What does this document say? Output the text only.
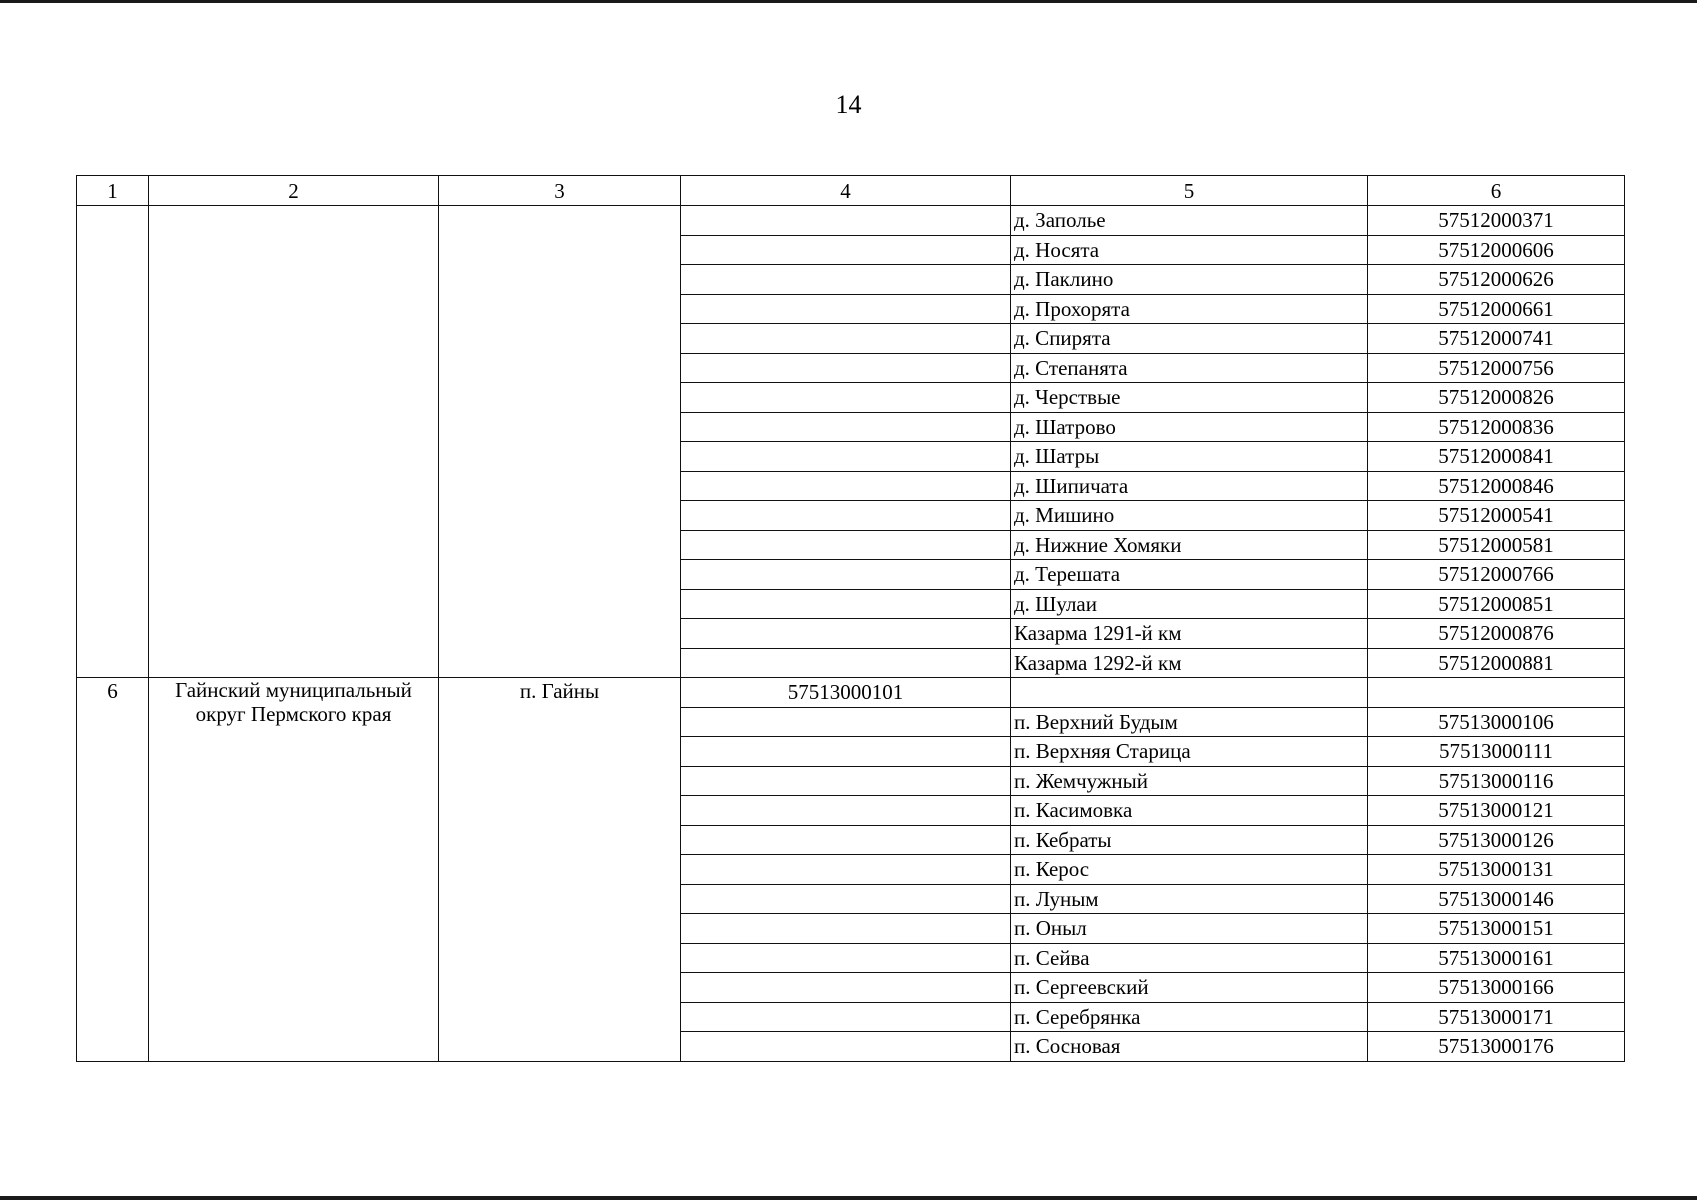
14
1	2	3	4	5	6
				д. Заполье	57512000371
				д. Носята	57512000606
				д. Паклино	57512000626
				д. Прохорята	57512000661
				д. Спирята	57512000741
				д. Степанята	57512000756
				д. Черствые	57512000826
				д. Шатрово	57512000836
				д. Шатры	57512000841
				д. Шипичата	57512000846
				д. Мишино	57512000541
				д. Нижние Хомяки	57512000581
				д. Терешата	57512000766
				д. Шулаи	57512000851
				Казарма 1291-й км	57512000876
				Казарма 1292-й км	57512000881
6	Гайнский муниципальный округ Пермского края	п. Гайны	57513000101		
				п. Верхний Будым	57513000106
				п. Верхняя Старица	57513000111
				п. Жемчужный	57513000116
				п. Касимовка	57513000121
				п. Кебраты	57513000126
				п. Керос	57513000131
				п. Луным	57513000146
				п. Оныл	57513000151
				п. Сейва	57513000161
				п. Сергеевский	57513000166
				п. Серебрянка	57513000171
				п. Сосновая	57513000176
